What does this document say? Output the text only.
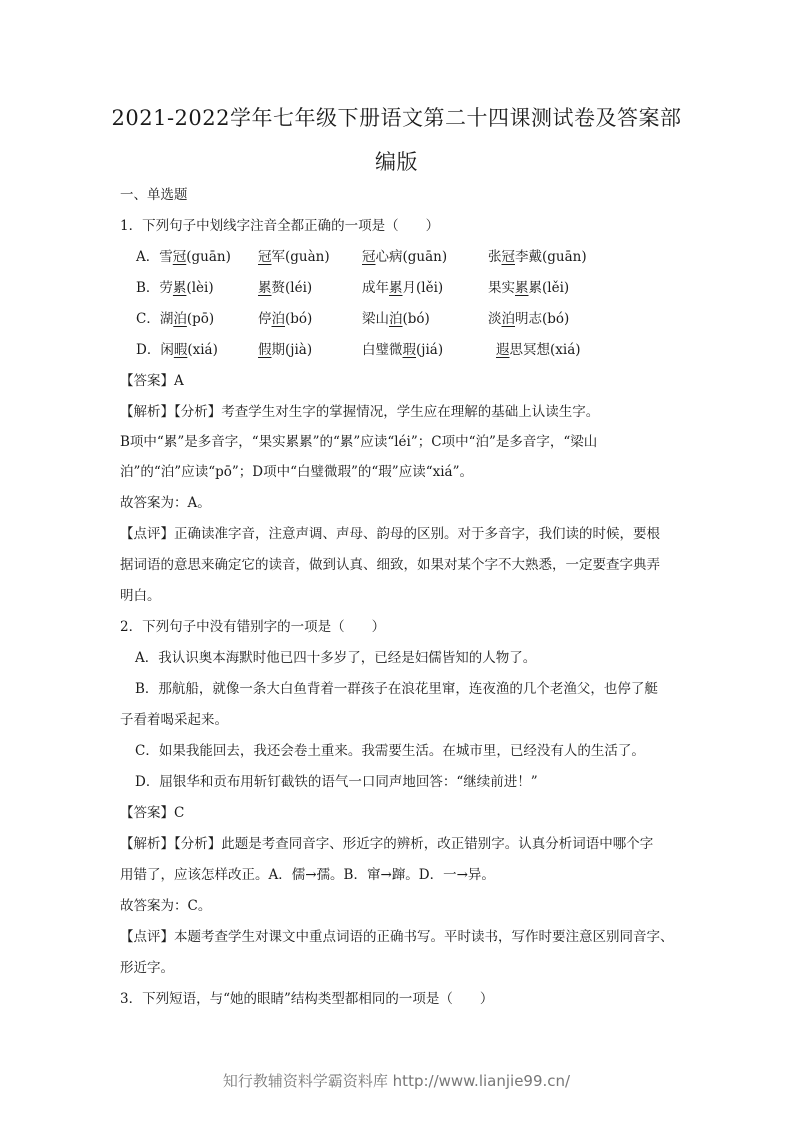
2021-2022学年七年级下册语文第二十四课测试卷及答案部
编版
一、单选题
1．下列句子中划线字注音全都正确的一项是（　　）
A．雪冠(guān) 冠军(guàn) 冠心病(guān)	张冠李戴(guān)
B．劳累(lèi)	累赘(léi)	成年累月(lěi)	果实累累(lěi)
C．湖泊(pō)	停泊(bó)	梁山泊(bó)	淡泊明志(bó)
D．闲暇(xiá)	假期(jià)	白璧微瑕(jiá)	遐思冥想(xiá)
【答案】A
【解析】【分析】考查学生对生字的掌握情况，学生应在理解的基础上认读生字。
B项中“累”是多音字，“果实累累”的“累”应读“léi”；C项中“泊”是多音字，“梁山
泊”的“泊”应读“pō”；D项中“白璧微瑕”的“瑕”应读“xiá”。
故答案为：A。
【点评】正确读准字音，注意声调、声母、韵母的区别。对于多音字，我们读的时候，要根
据词语的意思来确定它的读音，做到认真、细致，如果对某个字不大熟悉，一定要查字典弄
明白。
2．下列句子中没有错别字的一项是（　　）
A．我认识奥本海默时他已四十多岁了，已经是妇儒皆知的人物了。
B．那航船，就像一条大白鱼背着一群孩子在浪花里窜，连夜渔的几个老渔父，也停了艇
子看着喝采起来。
C．如果我能回去，我还会卷土重来。我需要生活。在城市里，已经没有人的生活了。
D．屈银华和贡布用斩钉截铁的语气一口同声地回答：“继续前进！”
【答案】C
【解析】【分析】此题是考查同音字、形近字的辨析，改正错别字。认真分析词语中哪个字
用错了，应该怎样改正。A．儒→孺。B．窜→蹿。D．一→异。
故答案为：C。
【点评】本题考查学生对课文中重点词语的正确书写。平时读书，写作时要注意区别同音字、
形近字。
3．下列短语，与“她的眼睛”结构类型都相同的一项是（　　）
知行教辅资料学霸资料库 http://www.lianjie99.cn/
